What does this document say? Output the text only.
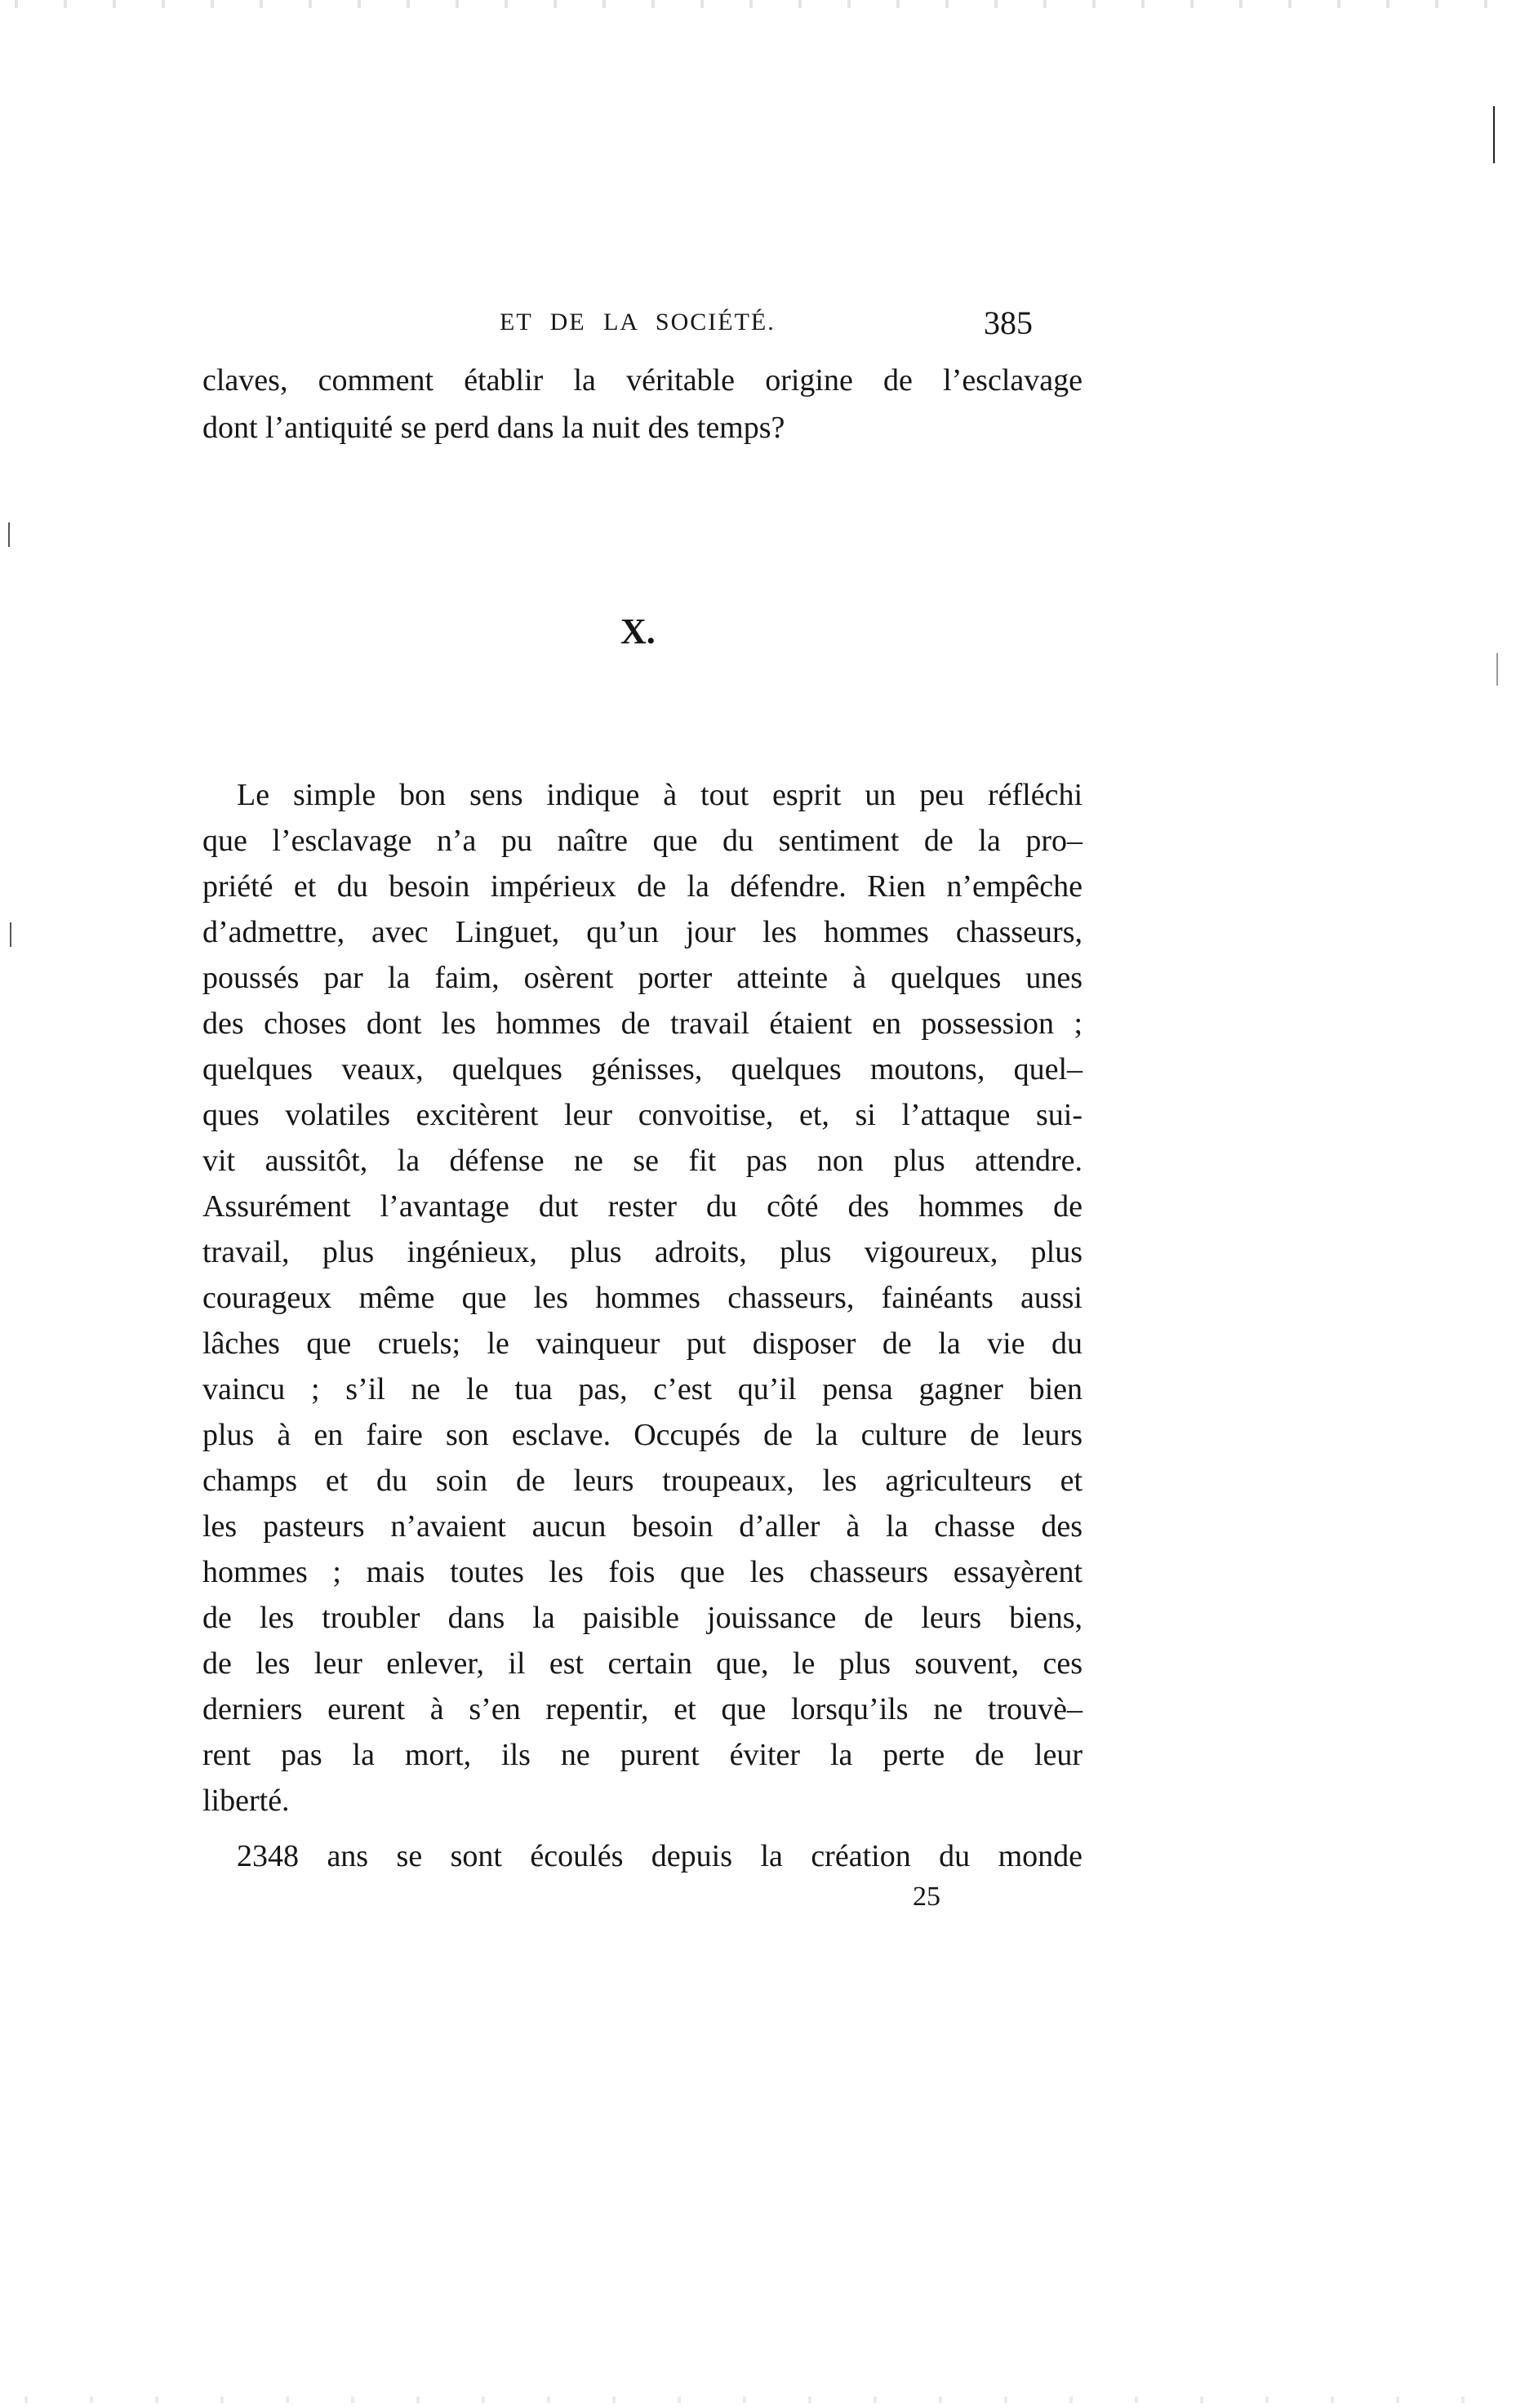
ET DE LA SOCIÉTÉ.	385
claves, comment établir la véritable origine de l’esclavage
dont l’antiquité se perd dans la nuit des temps?
X.
Le simple bon sens indique à tout esprit un peu réfléchi
que l’esclavage n’a pu naître que du sentiment de la pro–
priété et du besoin impérieux de la défendre. Rien n’empêche
d’admettre, avec Linguet, qu’un jour les hommes chasseurs,
poussés par la faim, osèrent porter atteinte à quelques unes
des choses dont les hommes de travail étaient en possession ;
quelques veaux, quelques génisses, quelques moutons, quel–
ques volatiles excitèrent leur convoitise, et, si l’attaque sui-
vit aussitôt, la défense ne se fit pas non plus attendre.
Assurément l’avantage dut rester du côté des hommes de
travail, plus ingénieux, plus adroits, plus vigoureux, plus
courageux même que les hommes chasseurs, fainéants aussi
lâches que cruels; le vainqueur put disposer de la vie du
vaincu ; s’il ne le tua pas, c’est qu’il pensa gagner bien
plus à en faire son esclave. Occupés de la culture de leurs
champs et du soin de leurs troupeaux, les agriculteurs et
les pasteurs n’avaient aucun besoin d’aller à la chasse des
hommes ; mais toutes les fois que les chasseurs essayèrent
de les troubler dans la paisible jouissance de leurs biens,
de les leur enlever, il est certain que, le plus souvent, ces
derniers eurent à s’en repentir, et que lorsqu’ils ne trouvè–
rent pas la mort, ils ne purent éviter la perte de leur
liberté.
2348 ans se sont écoulés depuis la création du monde
25
